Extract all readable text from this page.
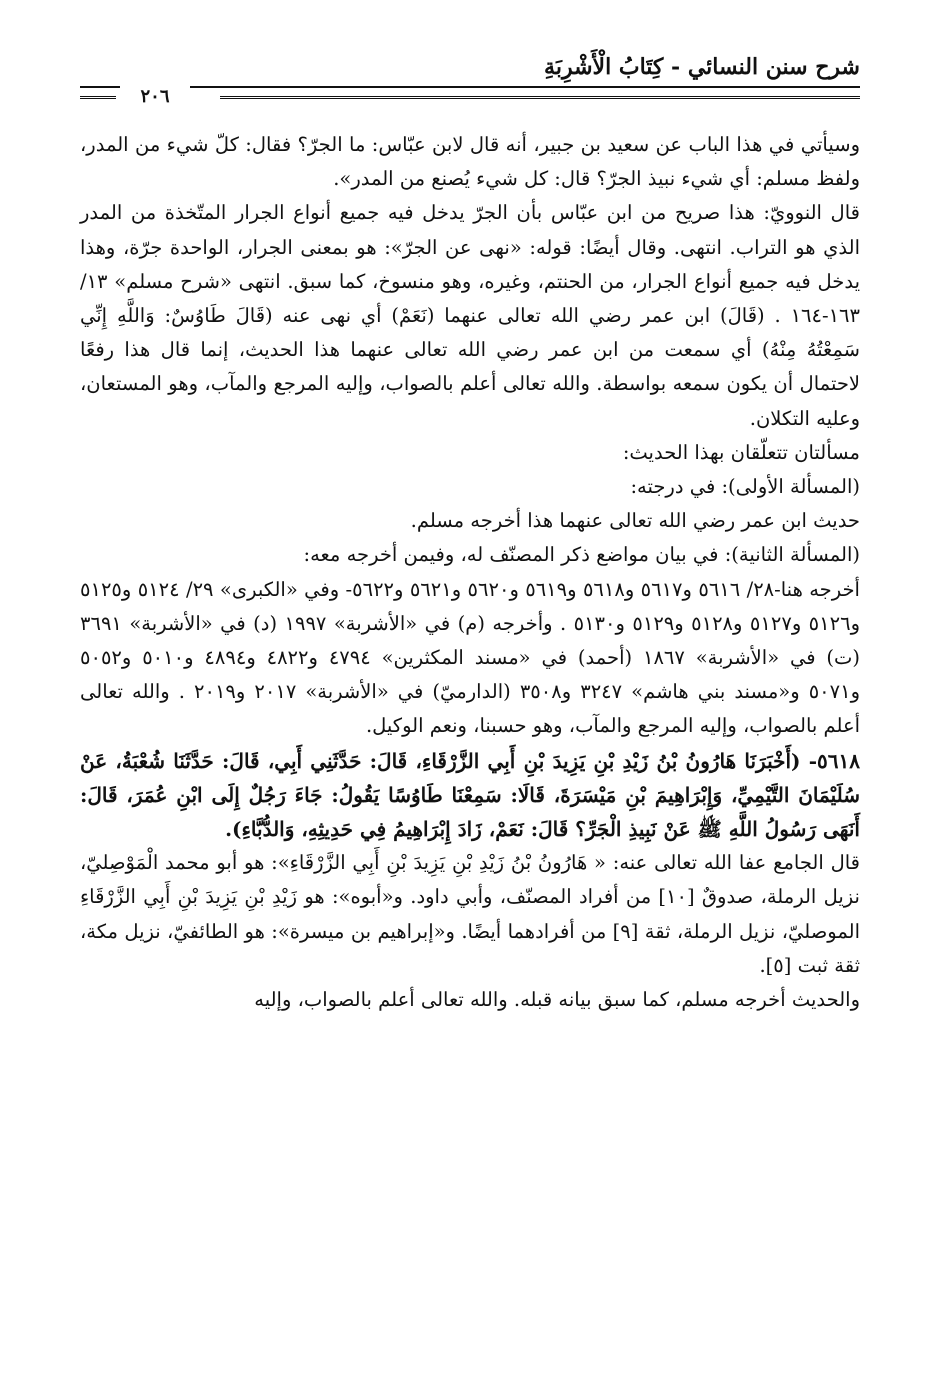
شرح سنن النسائي - كِتَابُ الْأَشْرِبَةِ
٢٠٦

وسيأتي في هذا الباب عن سعيد بن جبير، أنه قال لابن عبّاس: ما الجرّ؟ فقال: كلّ شيء من المدر، ولفظ مسلم: أي شيء نبيذ الجرّ؟ قال: كل شيء يُصنع من المدر».

قال النوويّ: هذا صريح من ابن عبّاس بأن الجرّ يدخل فيه جميع أنواع الجرار المتّخذة من المدر الذي هو التراب. انتهى. وقال أيضًا: قوله: «نهى عن الجرّ»: هو بمعنى الجرار، الواحدة جرّة، وهذا يدخل فيه جميع أنواع الجرار، من الحنتم، وغيره، وهو منسوخ، كما سبق. انتهى «شرح مسلم» ١٣/ ١٦٣-١٦٤ . (قَالَ) ابن عمر رضي الله تعالى عنهما (نَعَمْ) أي نهى عنه (قَالَ طَاوُسٌ: وَاللَّهِ إِنِّي سَمِعْتُهُ مِنْهُ) أي سمعت من ابن عمر رضي الله تعالى عنهما هذا الحديث، إنما قال هذا رفعًا لاحتمال أن يكون سمعه بواسطة. والله تعالى أعلم بالصواب، وإليه المرجع والمآب، وهو المستعان، وعليه التكلان.

مسألتان تتعلّقان بهذا الحديث:

(المسألة الأولى): في درجته:

حديث ابن عمر رضي الله تعالى عنهما هذا أخرجه مسلم.

(المسألة الثانية): في بيان مواضع ذكر المصنّف له، وفيمن أخرجه معه:

أخرجه هنا-٢٨/ ٥٦١٦ و٥٦١٧ و٥٦١٨ و٥٦١٩ و٥٦٢٠ و٥٦٢١ و٥٦٢٢- وفي «الكبرى» ٢٩/ ٥١٢٤ و٥١٢٥ و٥١٢٦ و٥١٢٧ و٥١٢٨ و٥١٢٩ و٥١٣٠ . وأخرجه (م) في «الأشربة» ١٩٩٧ (د) في «الأشربة» ٣٦٩١ (ت) في «الأشربة» ١٨٦٧ (أحمد) في «مسند المكثرين» ٤٧٩٤ و٤٨٢٢ و٤٨٩٤ و٥٠١٠ و٥٠٥٢ و٥٠٧١ و«مسند بني هاشم» ٣٢٤٧ و٣٥٠٨ (الدارميّ) في «الأشربة» ٢٠١٧ و٢٠١٩ . والله تعالى أعلم بالصواب، وإليه المرجع والمآب، وهو حسبنا، ونعم الوكيل.

٥٦١٨- (أَخْبَرَنَا هَارُونُ بْنُ زَيْدِ بْنِ يَزِيدَ بْنِ أَبِي الزَّرْقَاءِ، قَالَ: حَدَّثَنِي أَبِي، قَالَ: حَدَّثَنَا شُعْبَةُ، عَنْ سُلَيْمَانَ التَّيْمِيِّ، وَإِبْرَاهِيمَ بْنِ مَيْسَرَةَ، قَالَا: سَمِعْنَا طَاوُسًا يَقُولُ: جَاءَ رَجُلٌ إِلَى ابْنِ عُمَرَ، قَالَ: أَنَهَى رَسُولُ اللَّهِ ﷺ عَنْ نَبِيذِ الْجَرِّ؟ قَالَ: نَعَمْ، زَادَ إِبْرَاهِيمُ فِي حَدِيثِهِ، وَالدُّبَّاءِ).

قال الجامع عفا الله تعالى عنه: « هَارُونُ بْنُ زَيْدِ بْنِ يَزِيدَ بْنِ أَبِي الزَّرْقَاءِ»: هو أبو محمد الْمَوْصِليّ، نزيل الرملة، صدوقٌ [١٠] من أفراد المصنّف، وأبي داود. و«أبوه»: هو زَيْدِ بْنِ يَزِيدَ بْنِ أَبِي الزَّرْقَاءِ الموصليّ، نزيل الرملة، ثقة [٩] من أفرادهما أيضًا. و«إبراهيم بن ميسرة»: هو الطائفيّ، نزيل مكة، ثقة ثبت [٥].

والحديث أخرجه مسلم، كما سبق بيانه قبله. والله تعالى أعلم بالصواب، وإليه
